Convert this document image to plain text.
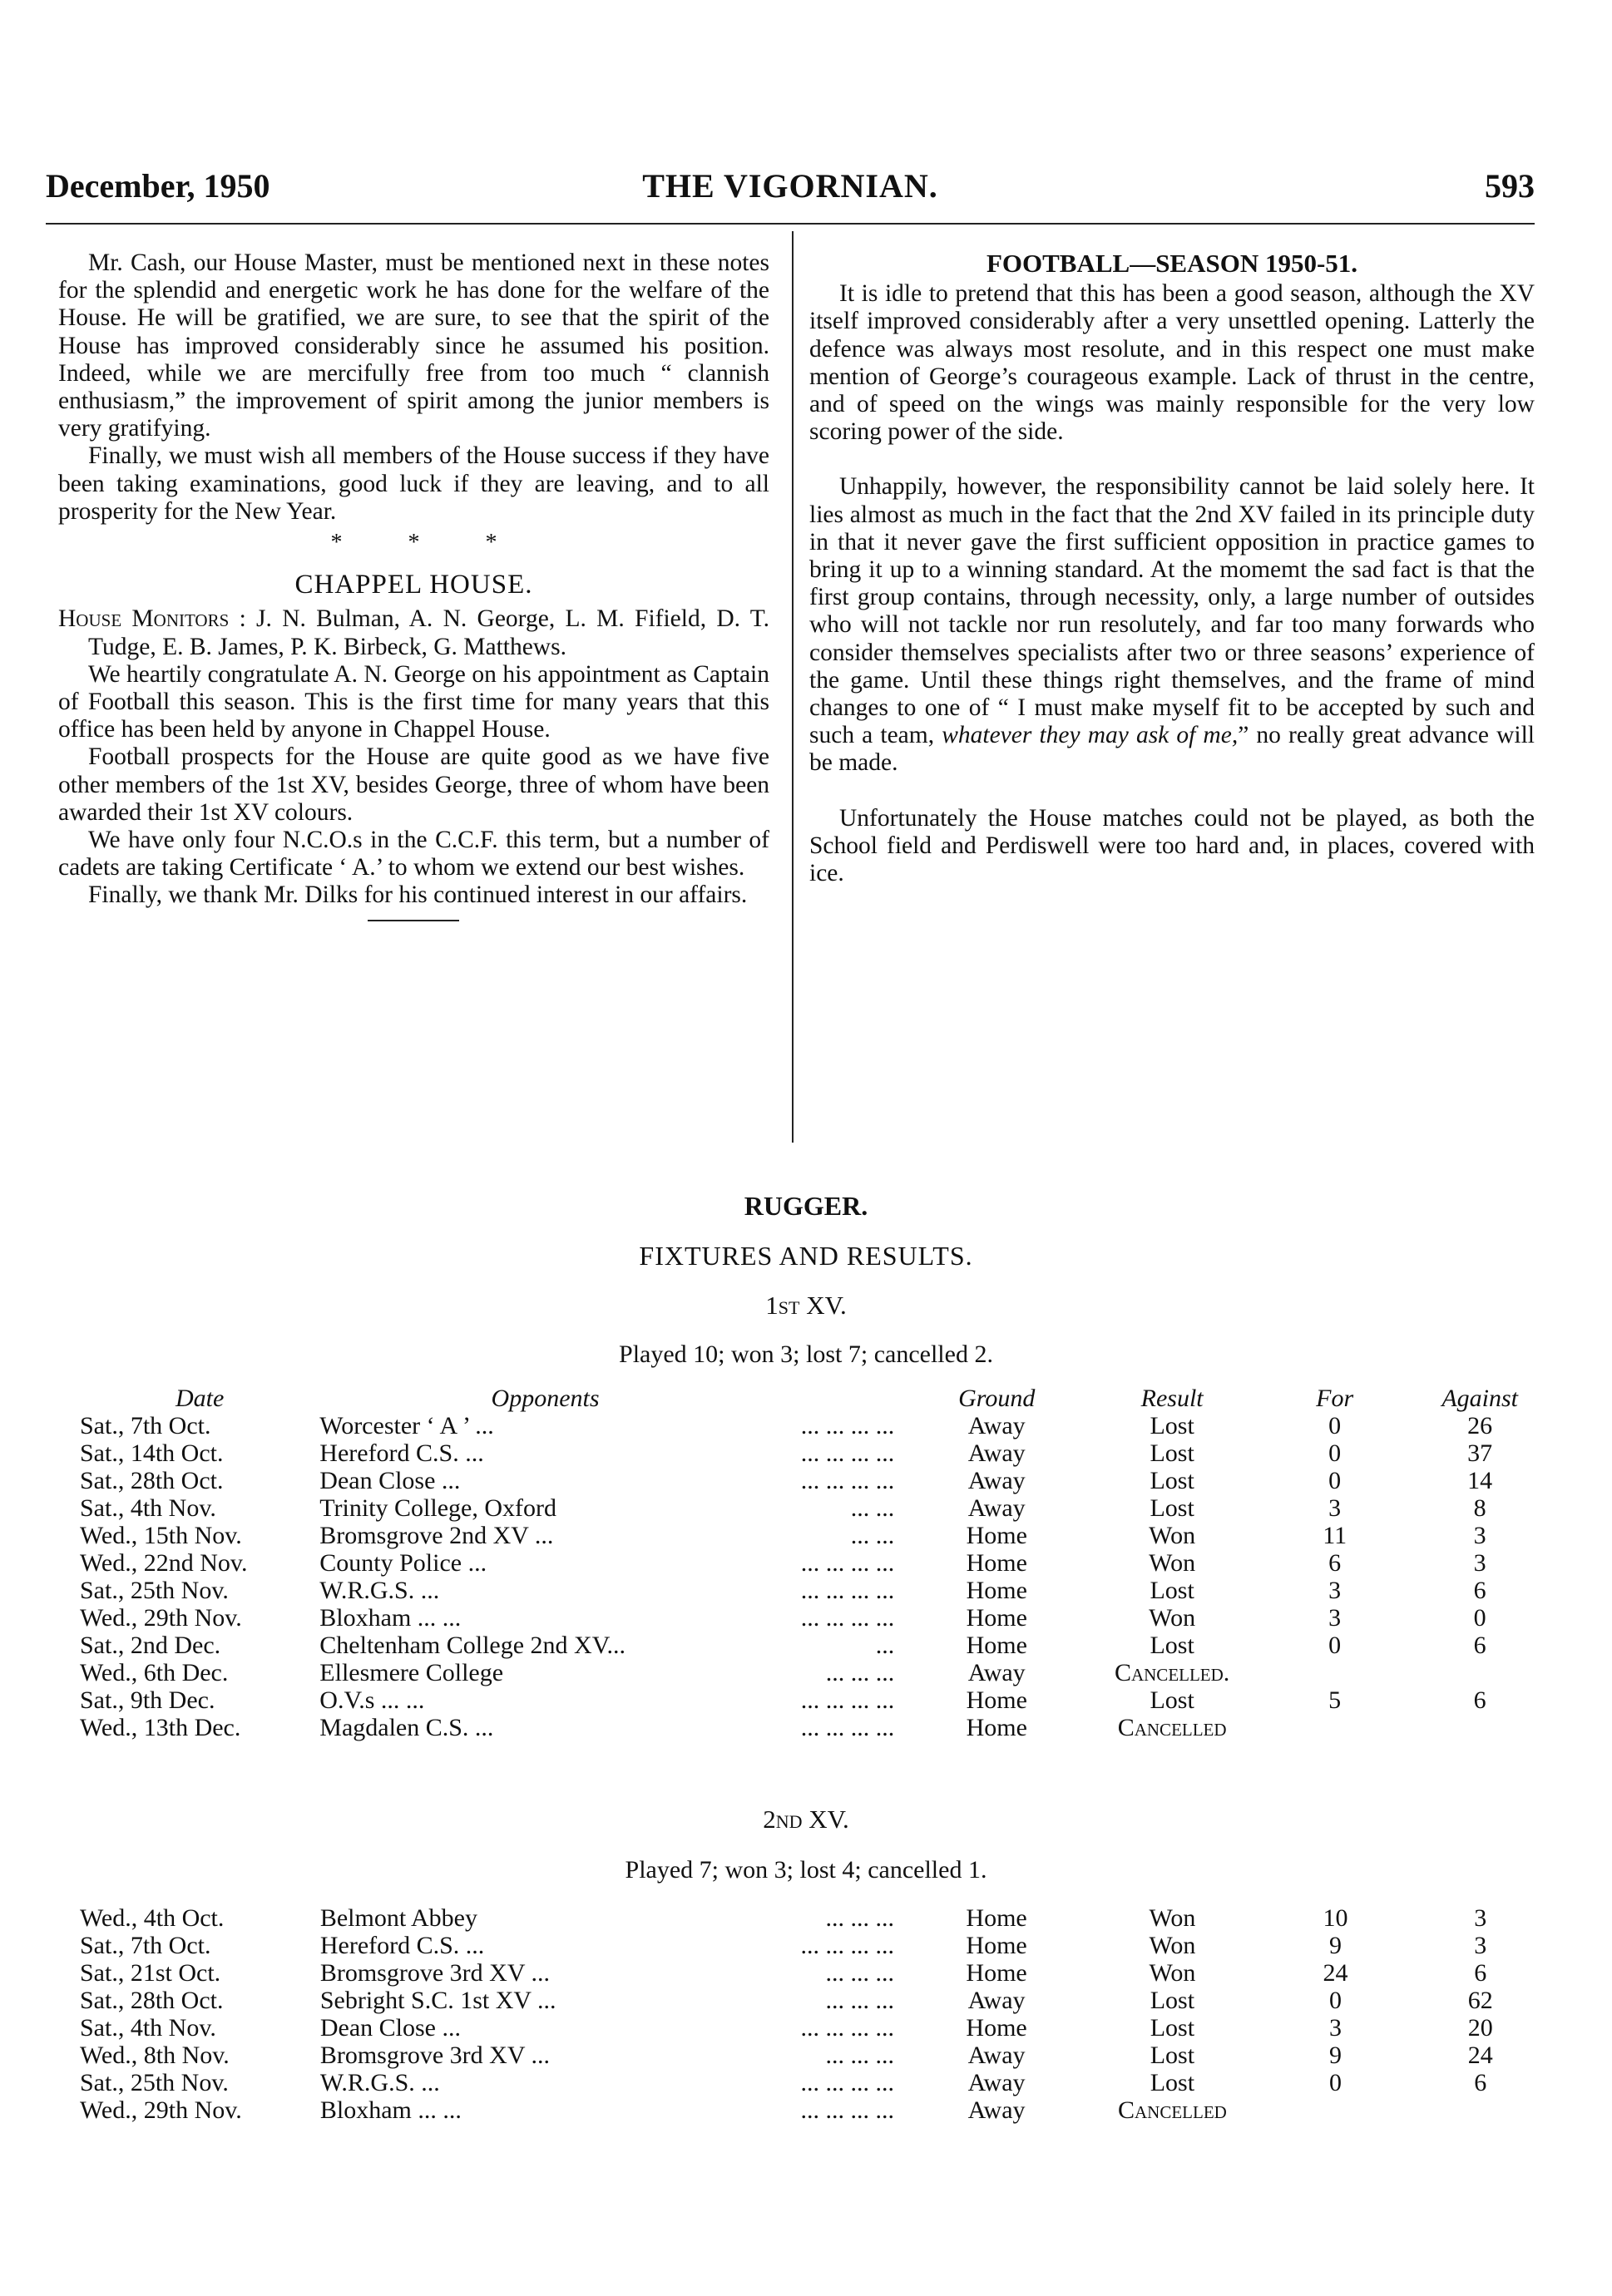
THE VIGORNIAN.
December, 1950	593

Mr. Cash, our House Master, must be mentioned next in these notes for the splendid and energetic work he has done for the welfare of the House. He will be gratified, we are sure, to see that the spirit of the House has improved considerably since he assumed his position. Indeed, while we are mercifully free from too much “ clannish enthusiasm,” the improvement of spirit among the junior members is very gratifying.

Finally, we must wish all members of the House success if they have been taking examinations, good luck if they are leaving, and to all prosperity for the New Year.

* * *
CHAPPEL HOUSE.

House Monitors : J. N. Bulman, A. N. George, L. M. Fifield, D. T. Tudge, E. B. James, P. K. Birbeck, G. Matthews.

We heartily congratulate A. N. George on his appointment as Captain of Football this season. This is the first time for many years that this office has been held by anyone in Chappel House.

Football prospects for the House are quite good as we have five other members of the 1st XV, besides George, three of whom have been awarded their 1st XV colours.

We have only four N.C.O.s in the C.C.F. this term, but a number of cadets are taking Certificate ‘ A.’ to whom we extend our best wishes.

Finally, we thank Mr. Dilks for his continued interest in our affairs.

FOOTBALL—SEASON 1950-51.

It is idle to pretend that this has been a good season, although the XV itself improved considerably after a very unsettled opening. Latterly the defence was always most resolute, and in this respect one must make mention of George’s courageous example. Lack of thrust in the centre, and of speed on the wings was mainly responsible for the very low scoring power of the side.

Unhappily, however, the responsibility cannot be laid solely here. It lies almost as much in the fact that the 2nd XV failed in its principle duty in that it never gave the first sufficient opposition in practice games to bring it up to a winning standard. At the momemt the sad fact is that the first group contains, through necessity, only, a large number of outsides who will not tackle nor run resolutely, and far too many forwards who consider themselves specialists after two or three seasons’ experience of the game. Until these things right themselves, and the frame of mind changes to one of “ I must make myself fit to be accepted by such and such a team, whatever they may ask of me,” no really great advance will be made.

Unfortunately the House matches could not be played, as both the School field and Perdiswell were too hard and, in places, covered with ice.

RUGGER.
FIXTURES AND RESULTS.
1st XV.
Played 10; won 3; lost 7; cancelled 2.
Date	Opponents		Ground	Result	For	Against
Sat., 7th Oct.	Worcester ‘ A ’ ...	... ... ... ...	Away	Lost	0	26
Sat., 14th Oct.	Hereford C.S. ...	... ... ... ...	Away	Lost	0	37
Sat., 28th Oct.	Dean Close ...	... ... ... ...	Away	Lost	0	14
Sat., 4th Nov.	Trinity College, Oxford	... ...	Away	Lost	3	8
Wed., 15th Nov.	Bromsgrove 2nd XV ...	... ...	Home	Won	11	3
Wed., 22nd Nov.	County Police ...	... ... ... ...	Home	Won	6	3
Sat., 25th Nov.	W.R.G.S. ...	... ... ... ...	Home	Lost	3	6
Wed., 29th Nov.	Bloxham ... ...	... ... ... ...	Home	Won	3	0
Sat., 2nd Dec.	Cheltenham College 2nd XV...	...	Home	Lost	0	6
Wed., 6th Dec.	Ellesmere College	... ... ...	Away	Cancelled.		
Sat., 9th Dec.	O.V.s ... ...	... ... ... ...	Home	Lost	5	6
Wed., 13th Dec.	Magdalen C.S. ...	... ... ... ...	Home	Cancelled		
2nd XV.
Played 7; won 3; lost 4; cancelled 1.
Wed., 4th Oct.	Belmont Abbey	... ... ...	Home	Won	10	3
Sat., 7th Oct.	Hereford C.S. ...	... ... ... ...	Home	Won	9	3
Sat., 21st Oct.	Bromsgrove 3rd XV ...	... ... ...	Home	Won	24	6
Sat., 28th Oct.	Sebright S.C. 1st XV ...	... ... ...	Away	Lost	0	62
Sat., 4th Nov.	Dean Close ...	... ... ... ...	Home	Lost	3	20
Wed., 8th Nov.	Bromsgrove 3rd XV ...	... ... ...	Away	Lost	9	24
Sat., 25th Nov.	W.R.G.S. ...	... ... ... ...	Away	Lost	0	6
Wed., 29th Nov.	Bloxham ... ...	... ... ... ...	Away	Cancelled		
